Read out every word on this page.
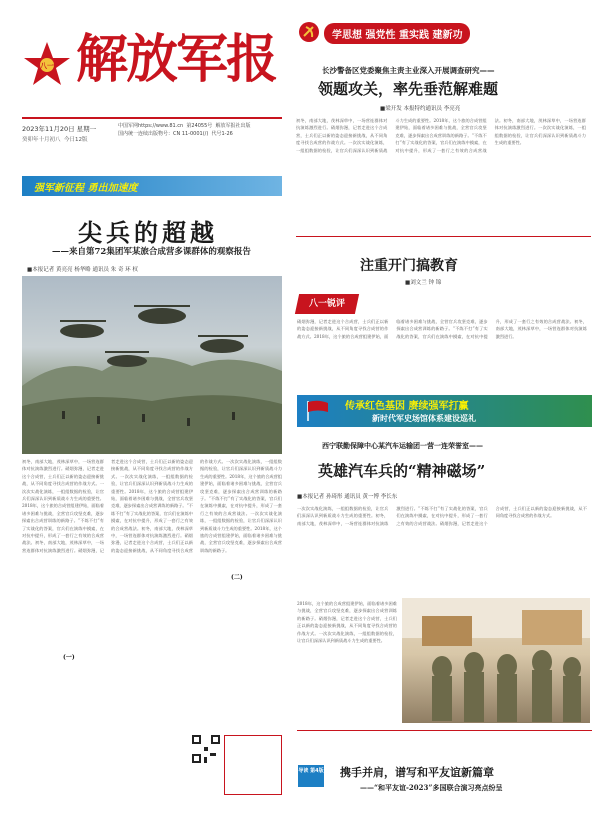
八一 解放军报
2023年11月20日 星期一
癸卯年十月初八 今日12版
中国军网https://www.81.cn 第24055号 解放军报社出版
国内统一连续出版物号：CN 11-0001(/) 代号1-26
学思想 强党性 重实践 建新功
长沙警备区党委聚焦主责主业深入开展调查研究——
领题攻关，率先垂范解难题
■梁开发 本报特约通讯员 李亮亮
初冬，南部大地，茂林深草中，一场营连群体对抗演练激烈进行。硝烟弥漫，记者走进这个合成营，士兵们正以新的姿态迎接新挑战，从不同角度寻找合成营的作战方式。一次次实战化演练，一组组数据的检验，让官兵们深深认识到新质战斗力生成的重要性。2018年，这个旅的合成营组建伊始，面临着诸多困难与挑战，全营官兵攻坚克难，逐步探索出合成营训练的新路子。“不练不打”有了实战化的答案，官兵们在演练中摸索，在对抗中提升，形成了一套行之有效的合成营战法。初冬，南部大地，茂林深草中，一场营连群体对抗演练激烈进行。一次次实战化演练，一组组数据的检验，让官兵们深深认识到新质战斗力生成的重要性。
注重开门搞教育
■刘文兰 钟 锦
八一锐评
硝烟弥漫，记者走进这个合成营，士兵们正以新的姿态迎接新挑战，从不同角度寻找合成营的作战方式。2018年，这个旅的合成营组建伊始，面临着诸多困难与挑战，全营官兵攻坚克难，逐步探索出合成营训练的新路子。“不练不打”有了实战化的答案，官兵们在演练中摸索，在对抗中提升，形成了一套行之有效的合成营战法。初冬，南部大地，茂林深草中，一场营连群体对抗演练激烈进行。
传承红色基因 赓续强军打赢
新时代军史场馆体系建设巡礼
西宁联勤保障中心某汽车运输团一营一连荣誉室——
英雄汽车兵的“精神磁场”
■本报记者 孙琦彤 通讯员 黄一博 李长东
一次次实战化演练，一组组数据的检验，让官兵们深深认识到新质战斗力生成的重要性。初冬，南部大地，茂林深草中，一场营连群体对抗演练激烈进行。“不练不打”有了实战化的答案，官兵们在演练中摸索，在对抗中提升，形成了一套行之有效的合成营战法。硝烟弥漫，记者走进这个合成营，士兵们正以新的姿态迎接新挑战，从不同角度寻找合成营的作战方式。
2018年，这个旅的合成营组建伊始，面临着诸多困难与挑战，全营官兵攻坚克难，逐步探索出合成营训练的新路子。硝烟弥漫，记者走进这个合成营，士兵们正以新的姿态迎接新挑战，从不同角度寻找合成营的作战方式。一次次实战化演练，一组组数据的检验，让官兵们深深认识到新质战斗力生成的重要性。
强军新征程 勇出加速度
尖兵的超越
——来自第72集团军某旅合成营多课群体的观察报告
■本报记者 黄亮亮 杨华略 通讯员 朱 奇 环 权
初冬，南部大地，茂林深草中，一场营连群体对抗演练激烈进行。硝烟弥漫，记者走进这个合成营，士兵们正以新的姿态迎接新挑战，从不同角度寻找合成营的作战方式。一次次实战化演练，一组组数据的检验，让官兵们深深认识到新质战斗力生成的重要性。2018年，这个旅的合成营组建伊始，面临着诸多困难与挑战，全营官兵攻坚克难，逐步探索出合成营训练的新路子。“不练不打”有了实战化的答案，官兵们在演练中摸索，在对抗中提升，形成了一套行之有效的合成营战法。初冬，南部大地，茂林深草中，一场营连群体对抗演练激烈进行。硝烟弥漫，记者走进这个合成营，士兵们正以新的姿态迎接新挑战，从不同角度寻找合成营的作战方式。一次次实战化演练，一组组数据的检验，让官兵们深深认识到新质战斗力生成的重要性。2018年，这个旅的合成营组建伊始，面临着诸多困难与挑战，全营官兵攻坚克难，逐步探索出合成营训练的新路子。“不练不打”有了实战化的答案，官兵们在演练中摸索，在对抗中提升，形成了一套行之有效的合成营战法。初冬，南部大地，茂林深草中，一场营连群体对抗演练激烈进行。硝烟弥漫，记者走进这个合成营，士兵们正以新的姿态迎接新挑战，从不同角度寻找合成营的作战方式。一次次实战化演练，一组组数据的检验，让官兵们深深认识到新质战斗力生成的重要性。2018年，这个旅的合成营组建伊始，面临着诸多困难与挑战，全营官兵攻坚克难，逐步探索出合成营训练的新路子。“不练不打”有了实战化的答案，官兵们在演练中摸索，在对抗中提升，形成了一套行之有效的合成营战法。一次次实战化演练，一组组数据的检验，让官兵们深深认识到新质战斗力生成的重要性。2018年，这个旅的合成营组建伊始，面临着诸多困难与挑战，全营官兵攻坚克难，逐步探索出合成营训练的新路子。
(一)
(二)
导读 第4版 携手并肩，谱写和平友谊新篇章
——“和平友谊-2023”多国联合演习亮点纷呈
